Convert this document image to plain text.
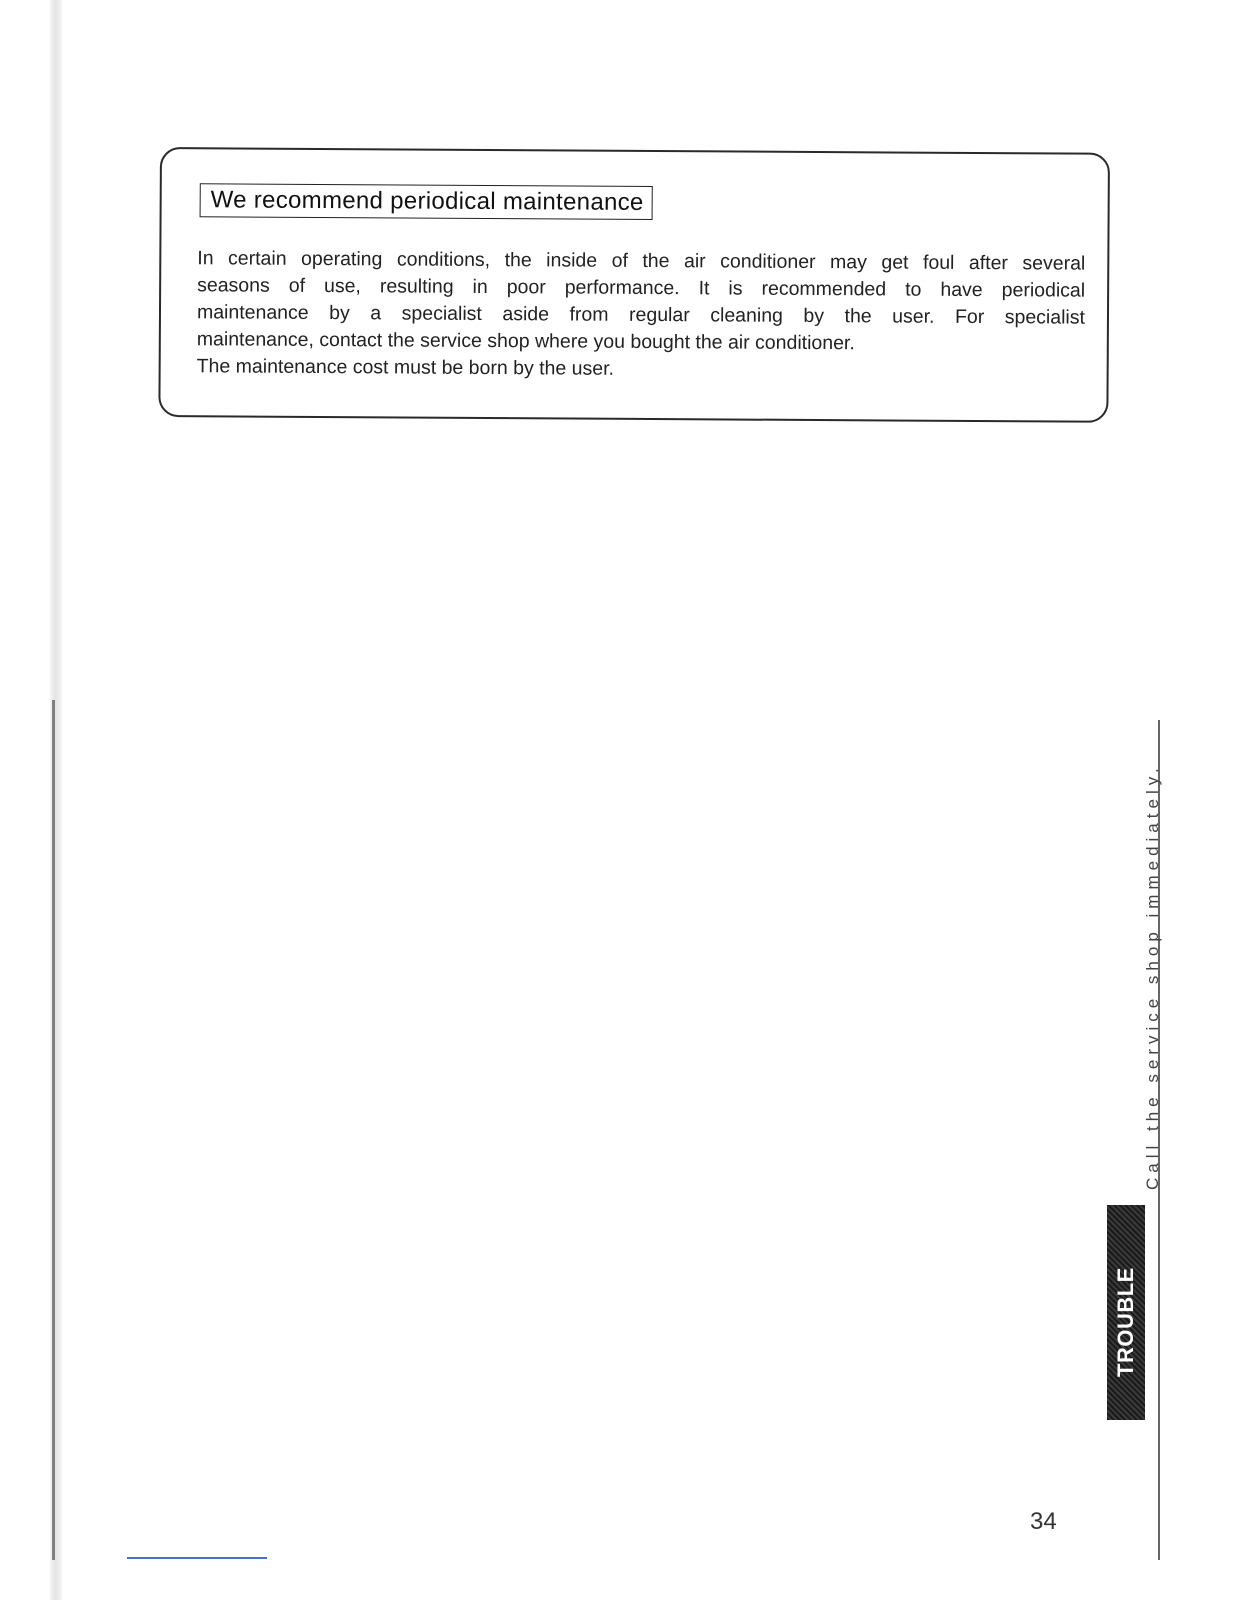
We recommend periodical maintenance

In certain operating conditions, the inside of the air conditioner may get foul after several
seasons of use, resulting in poor performance. It is recommended to have periodical
maintenance by a specialist aside from regular cleaning by the user. For specialist
maintenance, contact the service shop where you bought the air conditioner.
The maintenance cost must be born by the user.

Call the service shop immediately.

TROUBLE

34
